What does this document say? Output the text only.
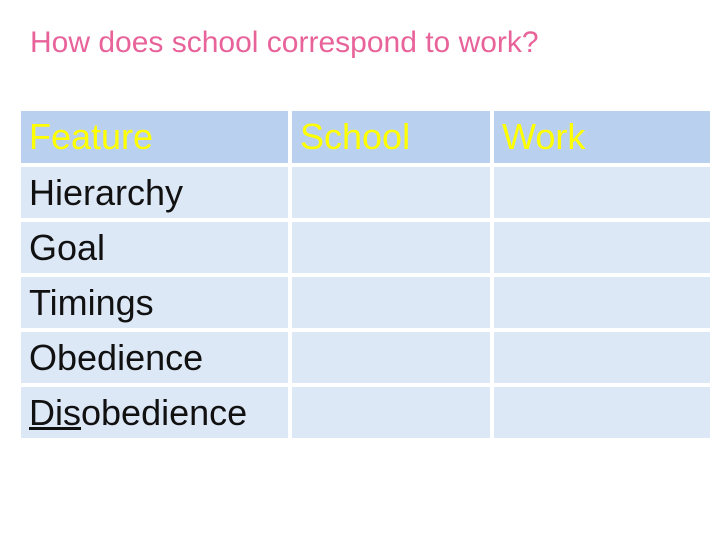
How does school correspond to work?
Feature	School	Work
Hierarchy
Goal
Timings
Obedience
Dis obedience
